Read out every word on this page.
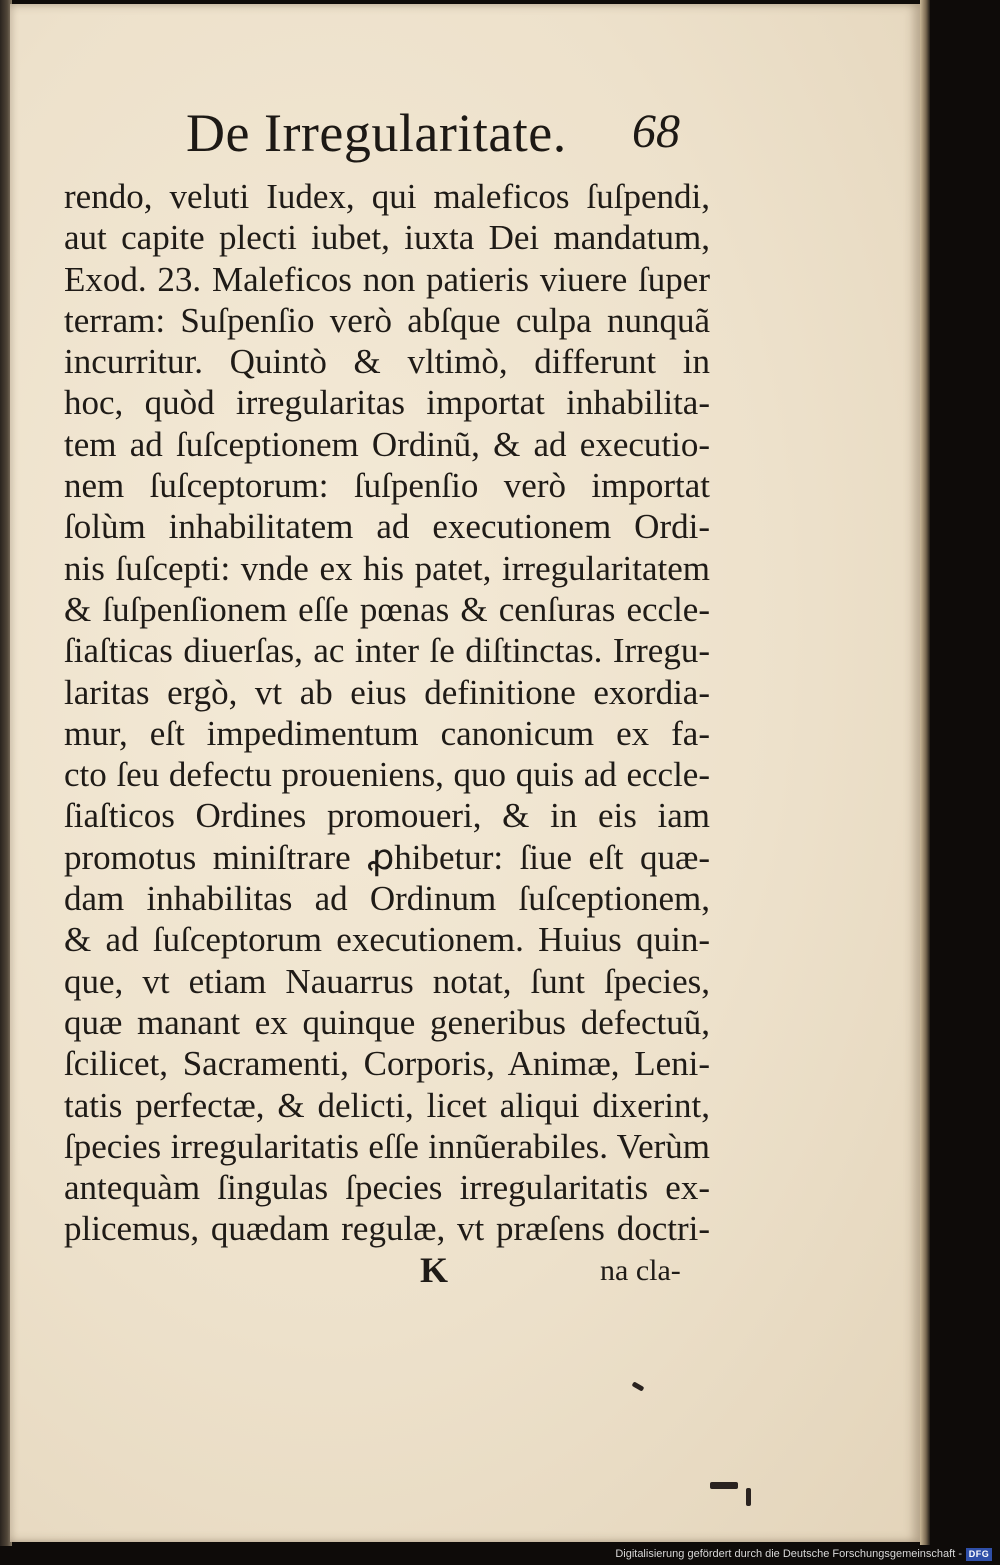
De Irregularitate. 68
rendo, veluti Iudex, qui maleficos ſuſpendi,
aut capite plecti iubet, iuxta Dei mandatum,
Exod. 23. Maleficos non patieris viuere ſuper
terram: Suſpenſio verò abſque culpa nunquã
incurritur. Quintò & vltimò, differunt in
hoc, quòd irregularitas importat inhabilita-
tem ad ſuſceptionem Ordinũ, & ad executio-
nem ſuſceptorum: ſuſpenſio verò importat
ſolùm inhabilitatem ad executionem Ordi-
nis ſuſcepti: vnde ex his patet, irregularitatem
& ſuſpenſionem eſſe pœnas & cenſuras eccle-
ſiaſticas diuerſas, ac inter ſe diſtinctas. Irregu-
laritas ergò, vt ab eius definitione exordia-
mur, eſt impedimentum canonicum ex fa-
cto ſeu defectu proueniens, quo quis ad eccle-
ſiaſticos Ordines promoueri, & in eis iam
promotus miniſtrare ꝓhibetur: ſiue eſt quæ-
dam inhabilitas ad Ordinum ſuſceptionem,
& ad ſuſceptorum executionem. Huius quin-
que, vt etiam Nauarrus notat, ſunt ſpecies,
quæ manant ex quinque generibus defectuũ,
ſcilicet, Sacramenti, Corporis, Animæ, Leni-
tatis perfectæ, & delicti, licet aliqui dixerint,
ſpecies irregularitatis eſſe innũerabiles. Verùm
antequàm ſingulas ſpecies irregularitatis ex-
plicemus, quædam regulæ, vt præſens doctri-
K	na cla-
Digitalisierung gefördert durch die Deutsche Forschungsgemeinschaft - DFG
